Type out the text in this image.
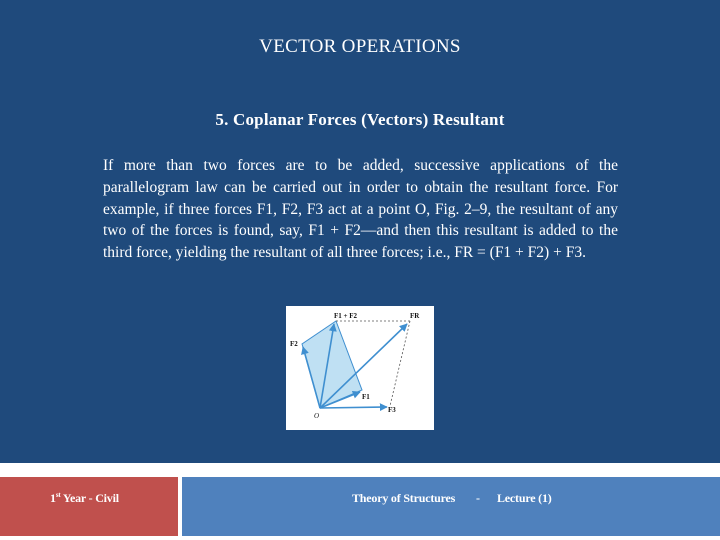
VECTOR OPERATIONS
5. Coplanar Forces (Vectors) Resultant

If more than two forces are to be added, successive applications of the parallelogram law can be carried out in order to obtain the resultant force. For example, if three forces F1, F2, F3 act at a point O, Fig. 2–9, the resultant of any two of the forces is found, say, F1 + F2—and then this resultant is added to the third force, yielding the resultant of all three forces; i.e., FR = (F1 + F2) + F3.

F1 + F2	FR
F2
F1
F3
O
1st Year - Civil	Theory of Structures - Lecture (1)
